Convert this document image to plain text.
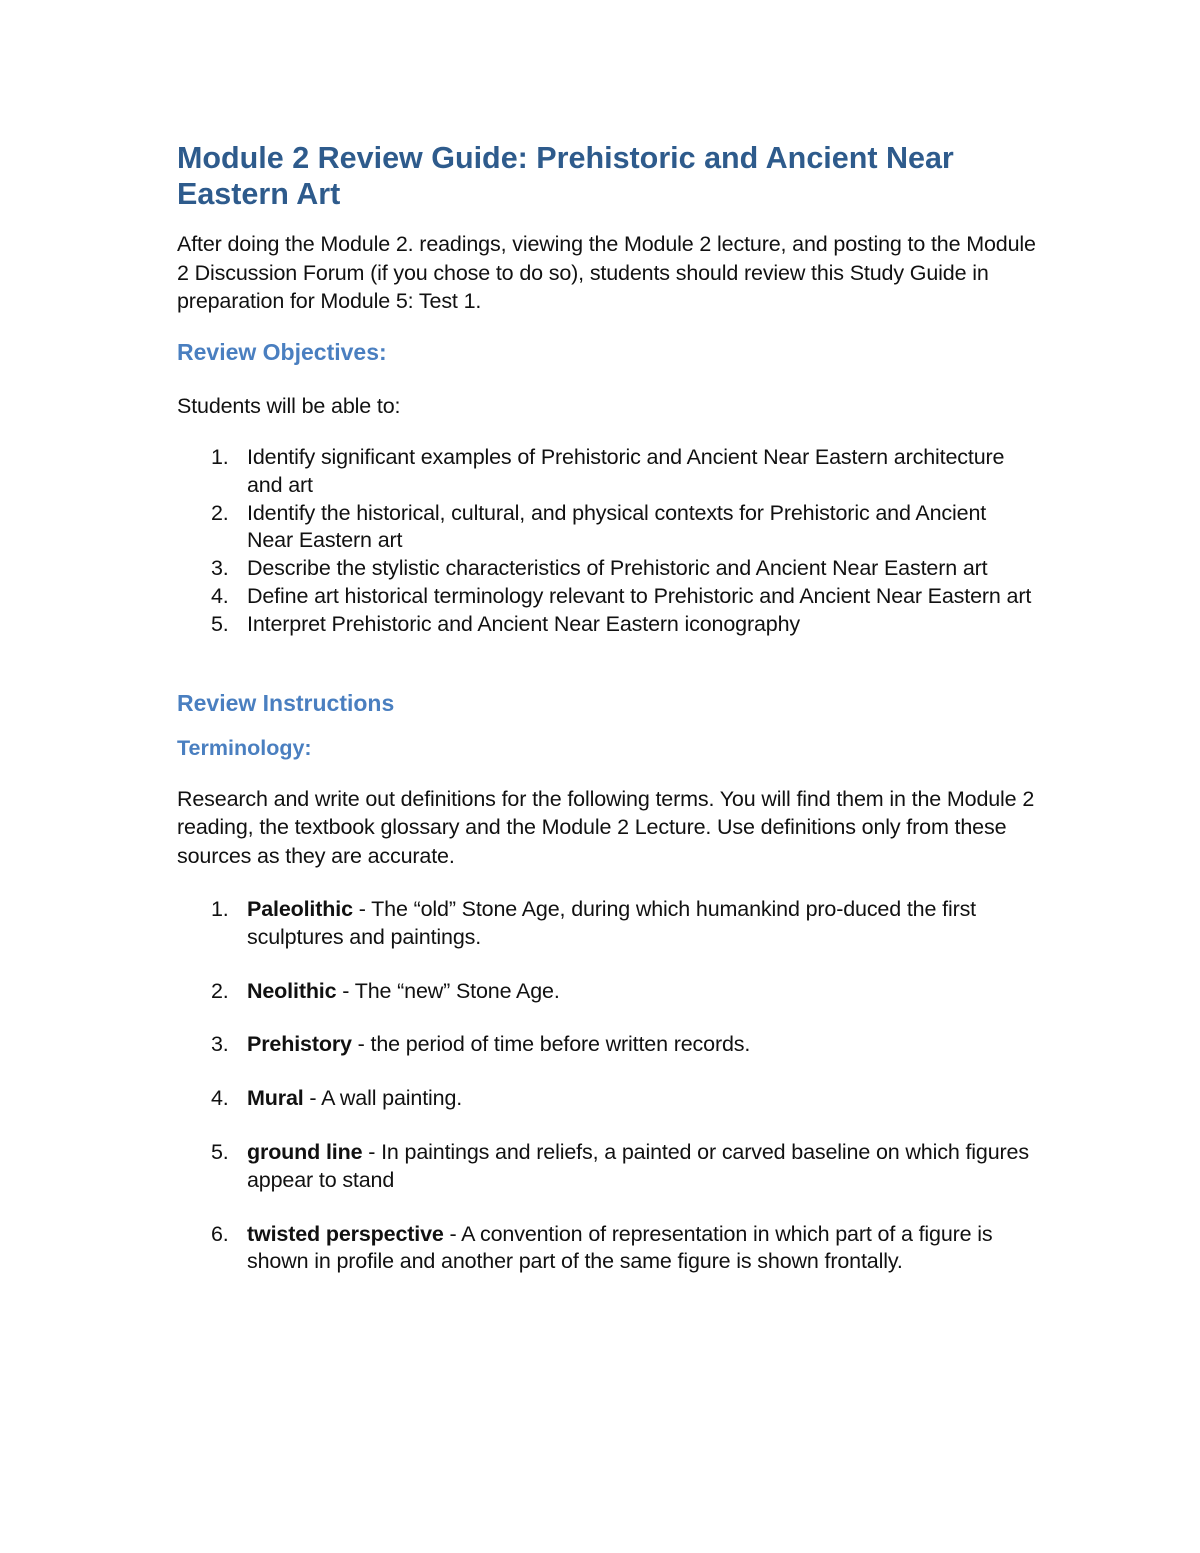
Module 2 Review Guide: Prehistoric and Ancient Near Eastern Art

After doing the Module 2. readings, viewing the Module 2 lecture, and posting to the Module 2 Discussion Forum (if you chose to do so), students should review this Study Guide in preparation for Module 5: Test 1.

Review Objectives:

Students will be able to:

1. Identify significant examples of Prehistoric and Ancient Near Eastern architecture and art
2. Identify the historical, cultural, and physical contexts for Prehistoric and Ancient Near Eastern art
3. Describe the stylistic characteristics of Prehistoric and Ancient Near Eastern art
4. Define art historical terminology relevant to Prehistoric and Ancient Near Eastern art
5. Interpret Prehistoric and Ancient Near Eastern iconography
Review Instructions
Terminology:

Research and write out definitions for the following terms. You will find them in the Module 2 reading, the textbook glossary and the Module 2 Lecture. Use definitions only from these sources as they are accurate.

1. Paleolithic - The “old” Stone Age, during which humankind pro-duced the first sculptures and paintings.
2. Neolithic - The “new” Stone Age.
3. Prehistory - the period of time before written records.
4. Mural - A wall painting.
5. ground line - In paintings and reliefs, a painted or carved baseline on which figures appear to stand
6. twisted perspective - A convention of representation in which part of a figure is shown in profile and another part of the same figure is shown frontally.
